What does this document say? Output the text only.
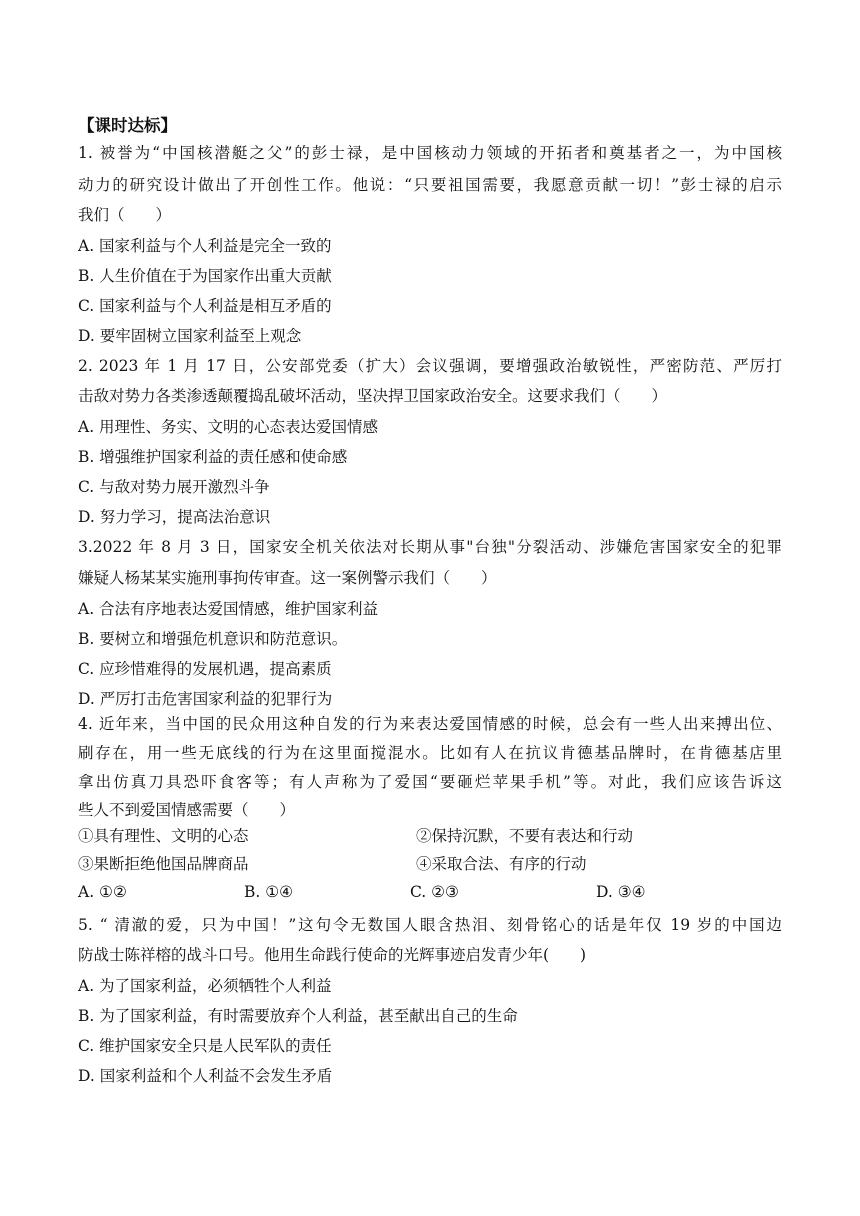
【课时达标】
1. 被誉为“中国核潜艇之父”的彭士禄，是中国核动力领域的开拓者和奠基者之一，为中国核
动力的研究设计做出了开创性工作。他说：“只要祖国需要，我愿意贡献一切！”彭士禄的启示
我们（　　）
A. 国家利益与个人利益是完全一致的
B. 人生价值在于为国家作出重大贡献
C. 国家利益与个人利益是相互矛盾的
D. 要牢固树立国家利益至上观念
2. 2023 年 1 月 17 日，公安部党委（扩大）会议强调，要增强政治敏锐性，严密防范、严厉打
击敌对势力各类渗透颠覆捣乱破坏活动，坚决捍卫国家政治安全。这要求我们（　　）
A. 用理性、务实、文明的心态表达爱国情感
B. 增强维护国家利益的责任感和使命感
C. 与敌对势力展开激烈斗争
D. 努力学习，提高法治意识
3.2022 年 8 月 3 日，国家安全机关依法对长期从事"台独"分裂活动、涉嫌危害国家安全的犯罪
嫌疑人杨某某实施刑事拘传审查。这一案例警示我们（　　）
A. 合法有序地表达爱国情感，维护国家利益
B. 要树立和增强危机意识和防范意识。
C. 应珍惜难得的发展机遇，提高素质
D. 严厉打击危害国家利益的犯罪行为
4. 近年来，当中国的民众用这种自发的行为来表达爱国情感的时候，总会有一些人出来搏出位、
刷存在，用一些无底线的行为在这里面搅混水。比如有人在抗议肯德基品牌时，在肯德基店里
拿出仿真刀具恐吓食客等；有人声称为了爱国“要砸烂苹果手机”等。对此，我们应该告诉这
些人不到爱国情感需要（　　）
①具有理性、文明的心态	②保持沉默，不要有表达和行动
③果断拒绝他国品牌商品	④采取合法、有序的行动
A. ①②	B. ①④	C. ②③	D. ③④
5. “ 清澈的爱，只为中国！”这句令无数国人眼含热泪、刻骨铭心的话是年仅 19 岁的中国边
防战士陈祥榕的战斗口号。他用生命践行使命的光辉事迹启发青少年(　　)
A. 为了国家利益，必须牺牲个人利益
B. 为了国家利益，有时需要放弃个人利益，甚至献出自己的生命
C. 维护国家安全只是人民军队的责任
D. 国家利益和个人利益不会发生矛盾
